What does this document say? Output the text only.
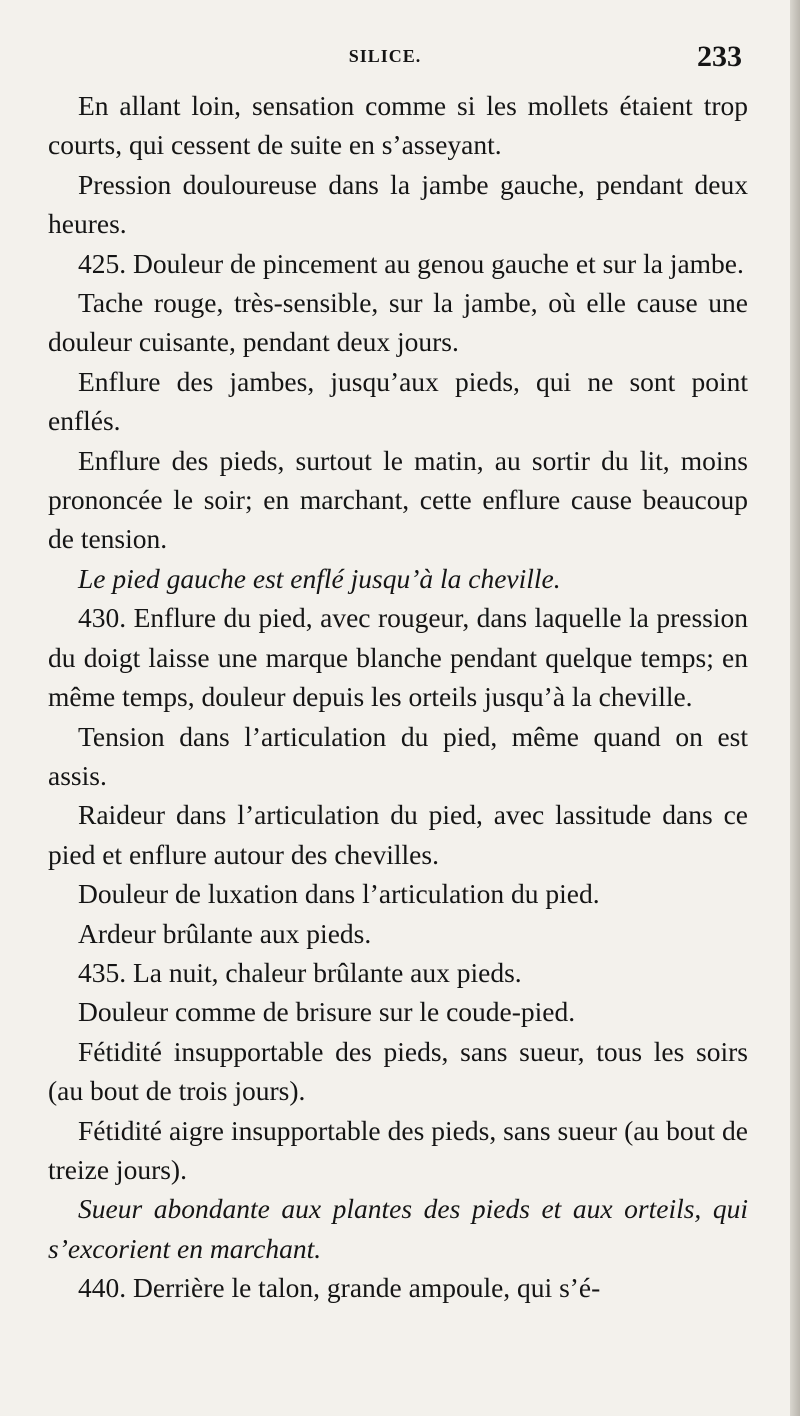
SILICE.	233

En allant loin, sensation comme si les mollets étaient trop courts, qui cessent de suite en s’asseyant.

Pression douloureuse dans la jambe gauche, pendant deux heures.

425. Douleur de pincement au genou gauche et sur la jambe.

Tache rouge, très-sensible, sur la jambe, où elle cause une douleur cuisante, pendant deux jours.

Enflure des jambes, jusqu’aux pieds, qui ne sont point enflés.

Enflure des pieds, surtout le matin, au sortir du lit, moins prononcée le soir; en marchant, cette enflure cause beaucoup de tension.

Le pied gauche est enflé jusqu’à la cheville.

430. Enflure du pied, avec rougeur, dans laquelle la pression du doigt laisse une marque blanche pendant quelque temps; en même temps, douleur depuis les orteils jusqu’à la cheville.

Tension dans l’articulation du pied, même quand on est assis.

Raideur dans l’articulation du pied, avec lassitude dans ce pied et enflure autour des chevilles.

Douleur de luxation dans l’articulation du pied.

Ardeur brûlante aux pieds.

435. La nuit, chaleur brûlante aux pieds.

Douleur comme de brisure sur le coude-pied.

Fétidité insupportable des pieds, sans sueur, tous les soirs (au bout de trois jours).

Fétidité aigre insupportable des pieds, sans sueur (au bout de treize jours).

Sueur abondante aux plantes des pieds et aux orteils, qui s’excorient en marchant.

440. Derrière le talon, grande ampoule, qui s’é-
